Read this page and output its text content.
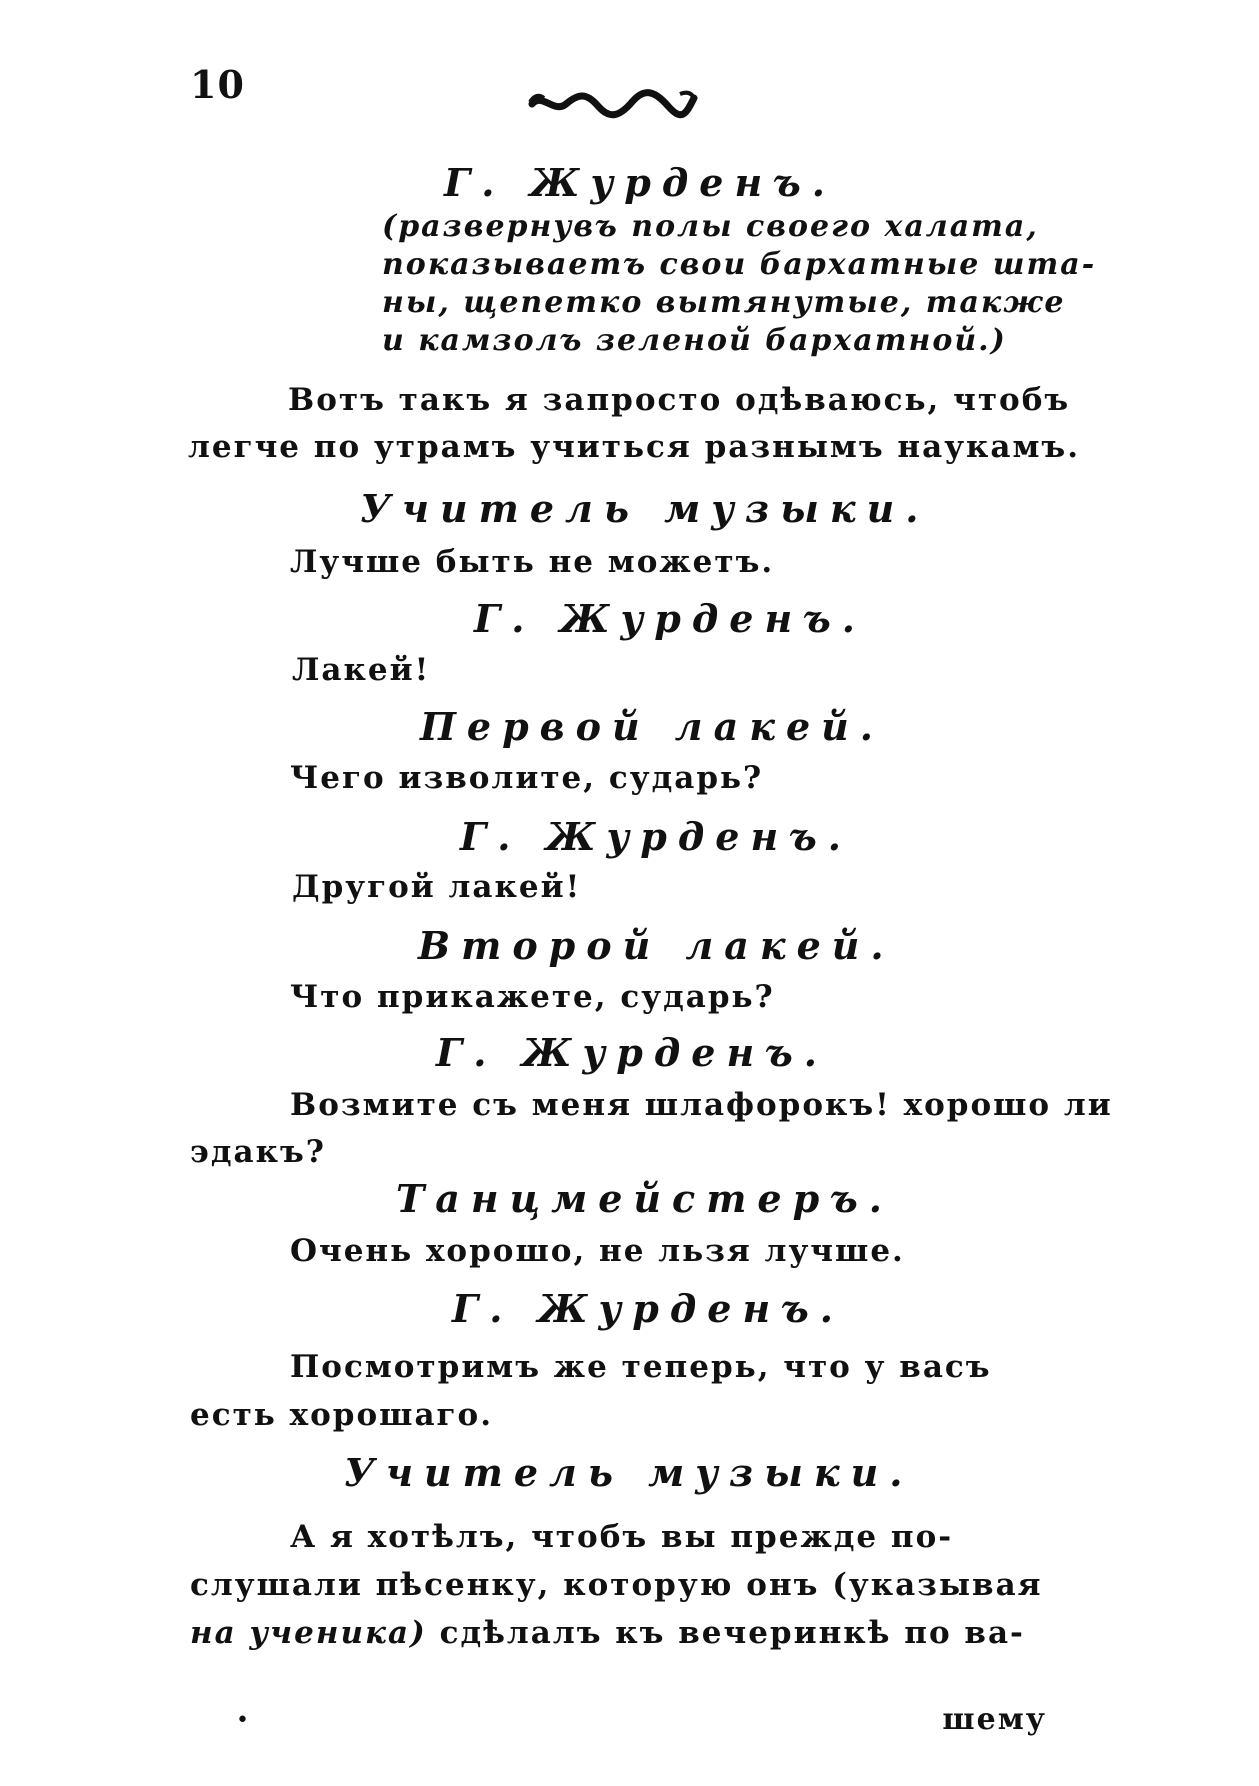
10
Г. Журденъ.
(развернувъ полы своего халата,
показываетъ свои бархатные шта-
ны, щепетко вытянутые, также
и камзолъ зеленой бархатной.)
Вотъ такъ я запросто одѣваюсь, чтобъ
легче по утрамъ учиться разнымъ наукамъ.
Учитель музыки.
Лучше быть не можетъ.
Г. Журденъ.
Лакей!
Первой лакей.
Чего изволите, сударь?
Г. Журденъ.
Другой лакей!
Второй лакей.
Что прикажете, сударь?
Г. Журденъ.
Возмите съ меня шлафорокъ! хорошо ли
эдакъ?
Танцмейстеръ.
Очень хорошо, не льзя лучше.
Г. Журденъ.
Посмотримъ же теперь, что у васъ
есть хорошаго.
Учитель музыки.
А я хотѣлъ, чтобъ вы прежде по-
слушали пѣсенку, которую онъ (указывая
на ученика) сдѣлалъ къ вечеринкѣ по ва-
•	шему
